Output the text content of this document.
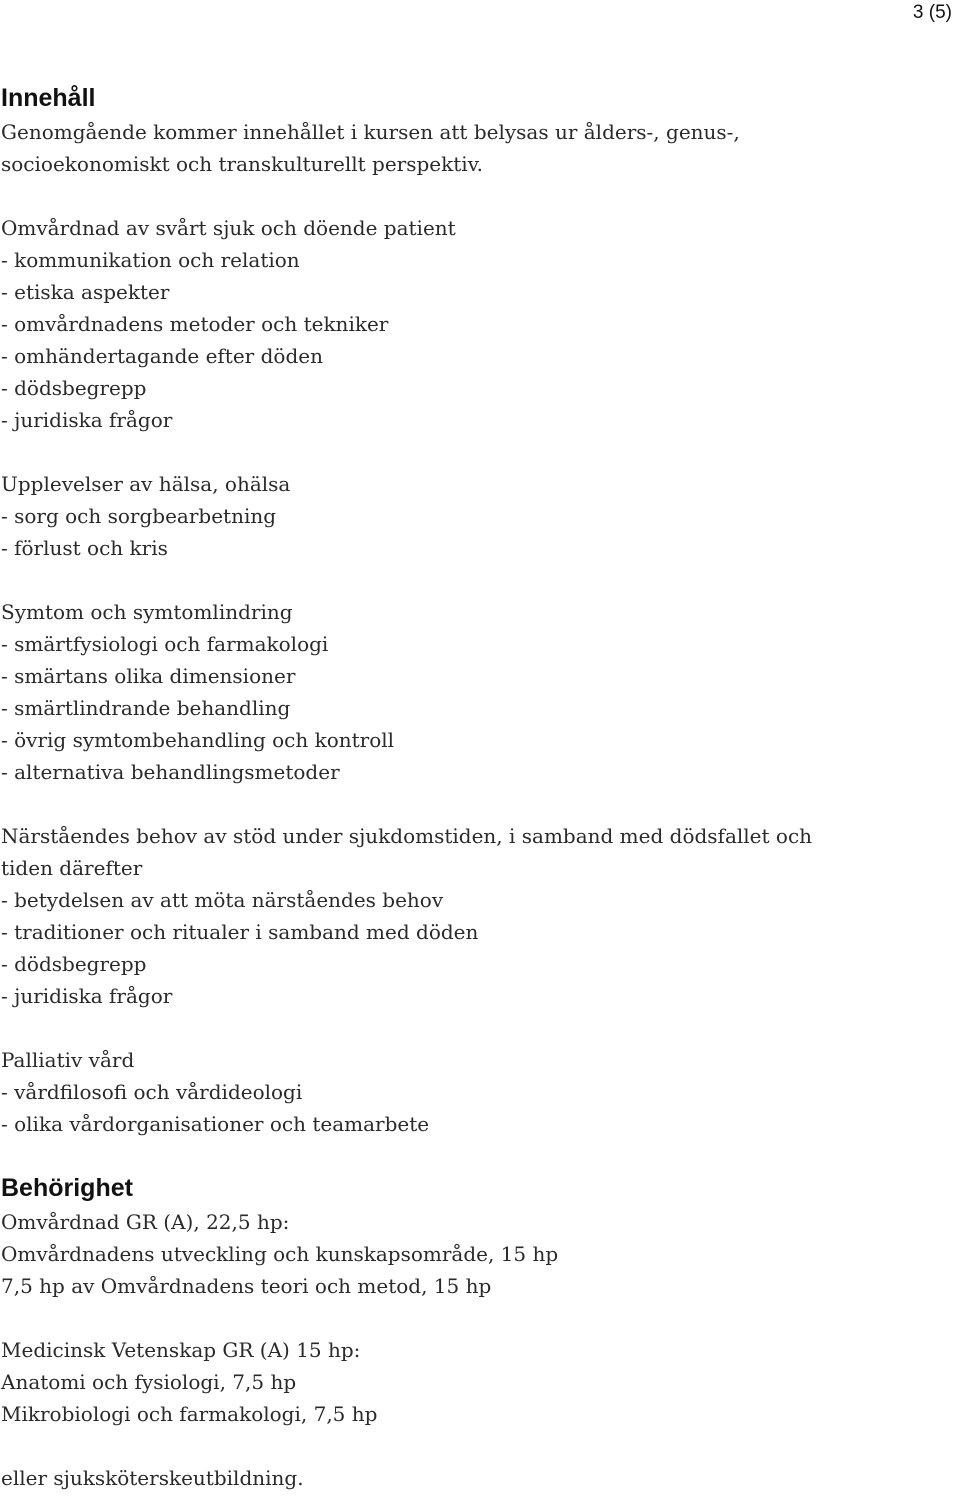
3 (5)
Innehåll
Genomgående kommer innehållet i kursen att belysas ur ålders-, genus-,
socioekonomiskt och transkulturellt perspektiv.
Omvårdnad av svårt sjuk och döende patient
- kommunikation och relation
- etiska aspekter
- omvårdnadens metoder och tekniker
- omhändertagande efter döden
- dödsbegrepp
- juridiska frågor
Upplevelser av hälsa, ohälsa
- sorg och sorgbearbetning
- förlust och kris
Symtom och symtomlindring
- smärtfysiologi och farmakologi
- smärtans olika dimensioner
- smärtlindrande behandling
- övrig symtombehandling och kontroll
- alternativa behandlingsmetoder
Närståendes behov av stöd under sjukdomstiden, i samband med dödsfallet och
tiden därefter
- betydelsen av att möta närståendes behov
- traditioner och ritualer i samband med döden
- dödsbegrepp
- juridiska frågor
Palliativ vård
- vårdfilosofi och vårdideologi
- olika vårdorganisationer och teamarbete
Behörighet
Omvårdnad GR (A), 22,5 hp:
Omvårdnadens utveckling och kunskapsområde, 15 hp
7,5 hp av Omvårdnadens teori och metod, 15 hp
Medicinsk Vetenskap GR (A) 15 hp:
Anatomi och fysiologi, 7,5 hp
Mikrobiologi och farmakologi, 7,5 hp
eller sjuksköterskeutbildning.
